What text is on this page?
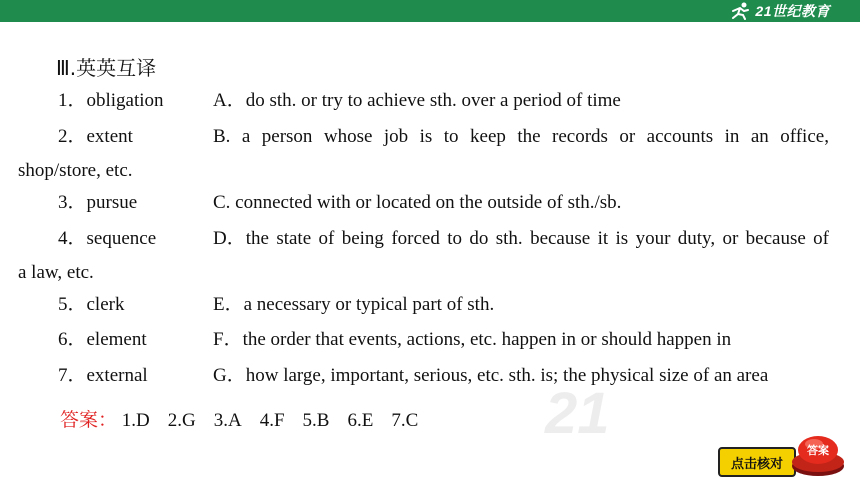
21世纪教育
21
Ⅲ.英英互译
1．obligation	A．do sth. or try to achieve sth. over a period of time
2．extent	B. a person whose job is to keep the records or accounts in an office,
shop/store, etc.
3．pursue	C. connected with or located on the outside of sth./sb.
4．sequence	D．the state of being forced to do sth. because it is your duty, or because of
a law, etc.
5．clerk	E．a necessary or typical part of sth.
6．element	F．the order that events, actions, etc. happen in or should happen in
7．external	G．how large, important, serious, etc. sth. is; the physical size of an area
答案： 1.D 2.G 3.A 4.F 5.B 6.E 7.C
点击核对
答案
